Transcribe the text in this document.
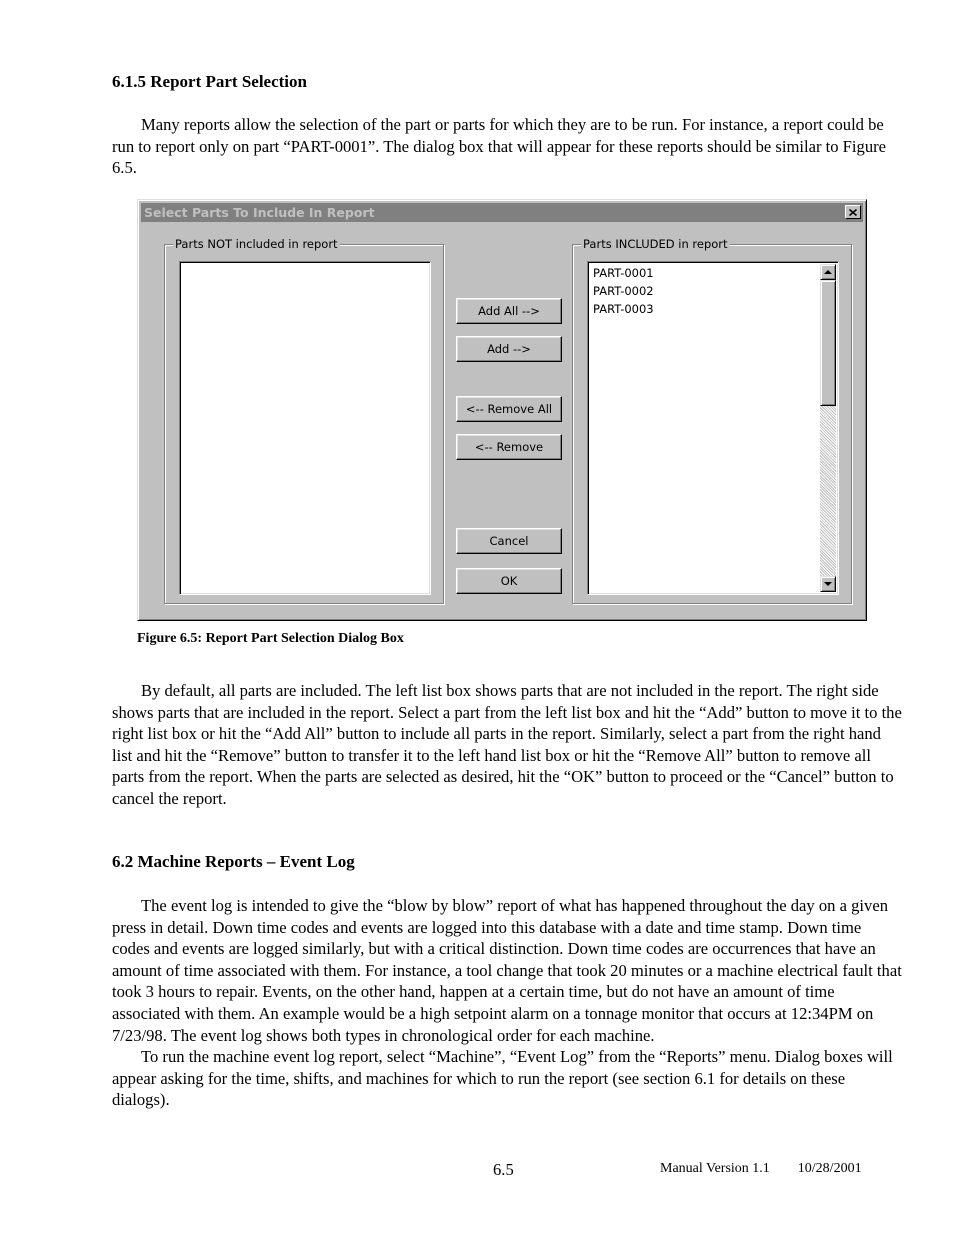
6.1.5 Report Part Selection

Many reports allow the selection of the part or parts for which they are to be run. For instance, a report could be run to report only on part “PART-0001”. The dialog box that will appear for these reports should be similar to Figure 6.5.

Select Parts To Include In Report
Parts NOT included in report
Add All -->
Add -->
<-- Remove All
<-- Remove
Cancel
OK
Parts INCLUDED in report
PART-0001
PART-0002
PART-0003

Figure 6.5: Report Part Selection Dialog Box

By default, all parts are included. The left list box shows parts that are not included in the report. The right side shows parts that are included in the report. Select a part from the left list box and hit the “Add” button to move it to the right list box or hit the “Add All” button to include all parts in the report. Similarly, select a part from the right hand list and hit the “Remove” button to transfer it to the left hand list box or hit the “Remove All” button to remove all parts from the report. When the parts are selected as desired, hit the “OK” button to proceed or the “Cancel” button to cancel the report.

6.2 Machine Reports – Event Log

The event log is intended to give the “blow by blow” report of what has happened throughout the day on a given press in detail. Down time codes and events are logged into this database with a date and time stamp. Down time codes and events are logged similarly, but with a critical distinction. Down time codes are occurrences that have an amount of time associated with them. For instance, a tool change that took 20 minutes or a machine electrical fault that took 3 hours to repair. Events, on the other hand, happen at a certain time, but do not have an amount of time associated with them. An example would be a high setpoint alarm on a tonnage monitor that occurs at 12:34PM on 7/23/98. The event log shows both types in chronological order for each machine.

To run the machine event log report, select “Machine”, “Event Log” from the “Reports” menu. Dialog boxes will appear asking for the time, shifts, and machines for which to run the report (see section 6.1 for details on these dialogs).

6.5	Manual Version 1.1        10/28/2001
